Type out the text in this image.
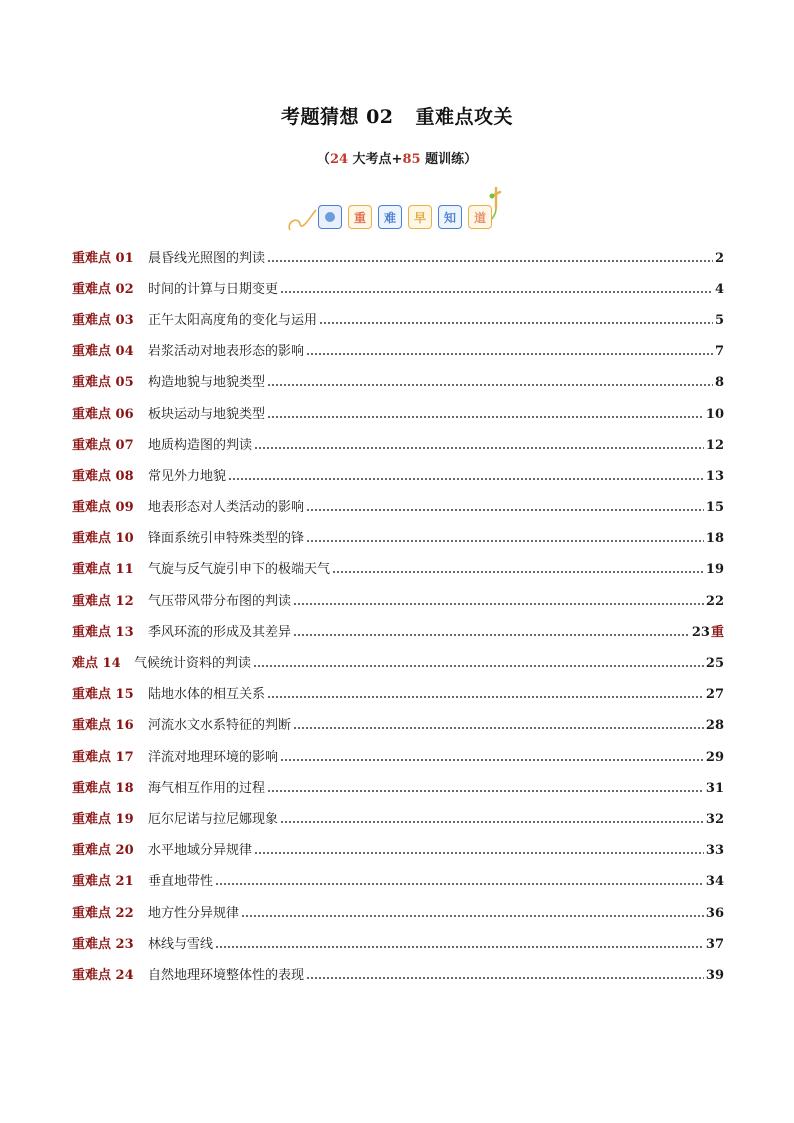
考题猜想 02 重难点攻关
（24 大考点+85 题训练）
重	难	早	知	道
重难点 01	晨昏线光照图的判读	2
重难点 02	时间的计算与日期变更	4
重难点 03	正午太阳高度角的变化与运用	5
重难点 04	岩浆活动对地表形态的影响	7
重难点 05	构造地貌与地貌类型	8
重难点 06	板块运动与地貌类型	10
重难点 07	地质构造图的判读	12
重难点 08	常见外力地貌	13
重难点 09	地表形态对人类活动的影响	15
重难点 10	锋面系统引申特殊类型的锋	18
重难点 11	气旋与反气旋引申下的极端天气	19
重难点 12	气压带风带分布图的判读	22
重难点 13	季风环流的形成及其差异	23 重
难点 14	气候统计资料的判读	25
重难点 15	陆地水体的相互关系	27
重难点 16	河流水文水系特征的判断	28
重难点 17	洋流对地理环境的影响	29
重难点 18	海气相互作用的过程	31
重难点 19	厄尔尼诺与拉尼娜现象	32
重难点 20	水平地域分异规律	33
重难点 21	垂直地带性	34
重难点 22	地方性分异规律	36
重难点 23	林线与雪线	37
重难点 24	自然地理环境整体性的表现	39
